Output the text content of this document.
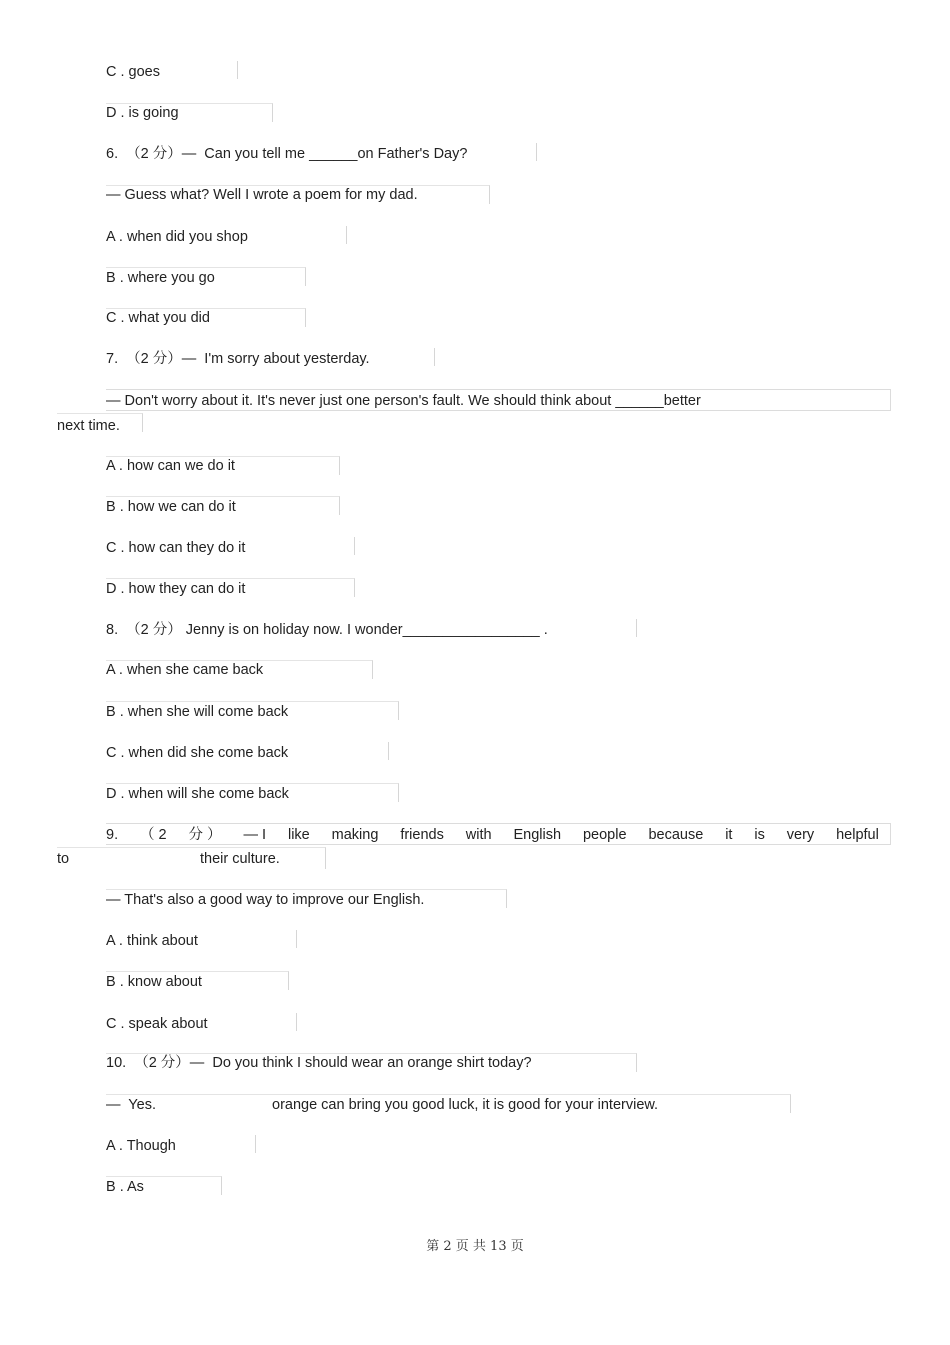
C . goes
D . is going
6.  （2 分）—  Can you tell me ______on Father's Day?
— Guess what? Well I wrote a poem for my dad.
A . when did you shop
B . where you go
C . what you did
7.  （2 分）—  I'm sorry about yesterday.
— Don't worry about it. It's never just one person's fault. We should think about ______better
next time.
A . how can we do it
B . how we can do it
C . how can they do it
D . how they can do it
8.  （2 分） Jenny is on holiday now. I wonder_________________ .
A . when she came back
B . when she will come back
C . when did she come back
D . when will she come back
9. （ 2 分 ） — I like making friends with English people because it is very helpful
to	their culture.
— That's also a good way to improve our English.
A . think about
B . know about
C . speak about
10.  （2 分）—  Do you think I should wear an orange shirt today?
—  Yes.	orange can bring you good luck, it is good for your interview.
A . Though
B . As
第 2 页 共 13 页
